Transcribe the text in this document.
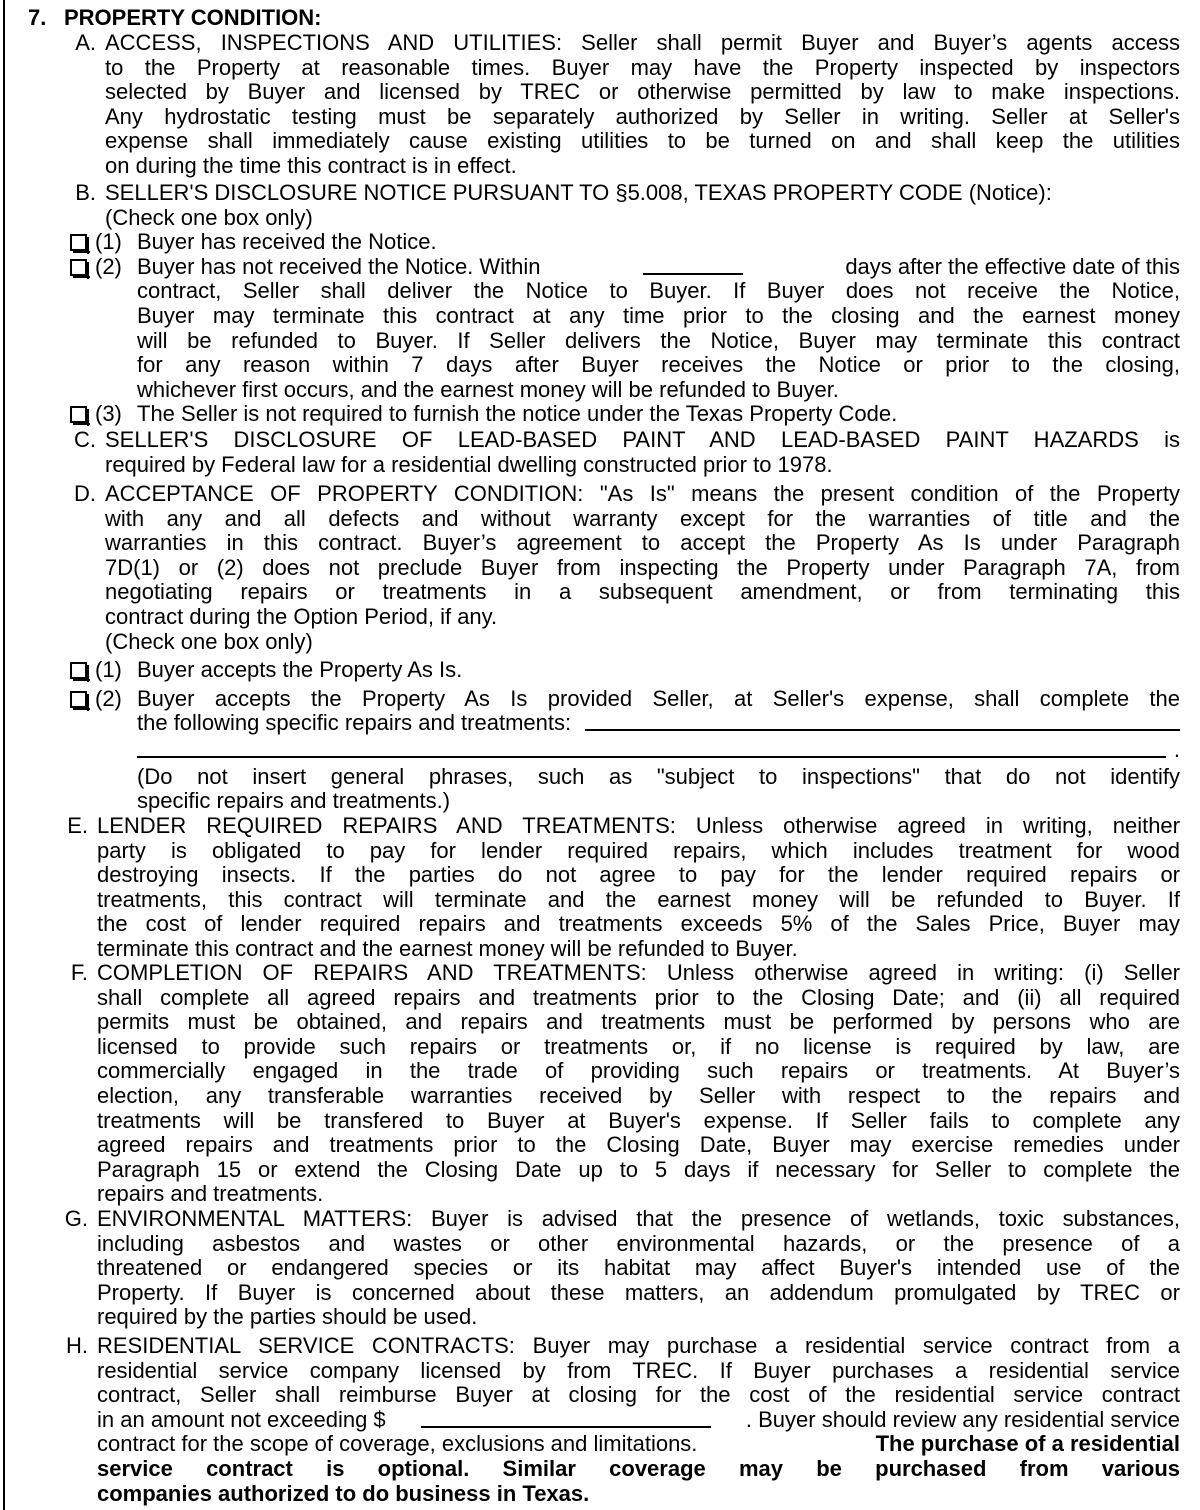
7. PROPERTY CONDITION:
A. ACCESS, INSPECTIONS AND UTILITIES: Seller shall permit Buyer and Buyer’s agents access
to the Property at reasonable times. Buyer may have the Property inspected by inspectors
selected by Buyer and licensed by TREC or otherwise permitted by law to make inspections.
Any hydrostatic testing must be separately authorized by Seller in writing. Seller at Seller's
expense shall immediately cause existing utilities to be turned on and shall keep the utilities
on during the time this contract is in effect.
B. SELLER'S DISCLOSURE NOTICE PURSUANT TO §5.008, TEXAS PROPERTY CODE (Notice):
(Check one box only)
(1) Buyer has received the Notice.
(2) Buyer has not received the Notice. Within	days after the effective date of this
contract, Seller shall deliver the Notice to Buyer. If Buyer does not receive the Notice,
Buyer may terminate this contract at any time prior to the closing and the earnest money
will be refunded to Buyer. If Seller delivers the Notice, Buyer may terminate this contract
for any reason within 7 days after Buyer receives the Notice or prior to the closing,
whichever first occurs, and the earnest money will be refunded to Buyer.
(3) The Seller is not required to furnish the notice under the Texas Property Code.
C. SELLER'S DISCLOSURE OF LEAD-BASED PAINT AND LEAD-BASED PAINT HAZARDS is
required by Federal law for a residential dwelling constructed prior to 1978.
D. ACCEPTANCE OF PROPERTY CONDITION: "As Is" means the present condition of the Property
with any and all defects and without warranty except for the warranties of title and the
warranties in this contract. Buyer’s agreement to accept the Property As Is under Paragraph
7D(1) or (2) does not preclude Buyer from inspecting the Property under Paragraph 7A, from
negotiating repairs or treatments in a subsequent amendment, or from terminating this
contract during the Option Period, if any.
(Check one box only)
(1) Buyer accepts the Property As Is.
(2) Buyer accepts the Property As Is provided Seller, at Seller's expense, shall complete the
the following specific repairs and treatments:
.
(Do not insert general phrases, such as "subject to inspections" that do not identify
specific repairs and treatments.)
E. LENDER REQUIRED REPAIRS AND TREATMENTS: Unless otherwise agreed in writing, neither
party is obligated to pay for lender required repairs, which includes treatment for wood
destroying insects. If the parties do not agree to pay for the lender required repairs or
treatments, this contract will terminate and the earnest money will be refunded to Buyer. If
the cost of lender required repairs and treatments exceeds 5% of the Sales Price, Buyer may
terminate this contract and the earnest money will be refunded to Buyer.
F. COMPLETION OF REPAIRS AND TREATMENTS: Unless otherwise agreed in writing: (i) Seller
shall complete all agreed repairs and treatments prior to the Closing Date; and (ii) all required
permits must be obtained, and repairs and treatments must be performed by persons who are
licensed to provide such repairs or treatments or, if no license is required by law, are
commercially engaged in the trade of providing such repairs or treatments. At Buyer’s
election, any transferable warranties received by Seller with respect to the repairs and
treatments will be transfered to Buyer at Buyer's expense. If Seller fails to complete any
agreed repairs and treatments prior to the Closing Date, Buyer may exercise remedies under
Paragraph 15 or extend the Closing Date up to 5 days if necessary for Seller to complete the
repairs and treatments.
G. ENVIRONMENTAL MATTERS: Buyer is advised that the presence of wetlands, toxic substances,
including asbestos and wastes or other environmental hazards, or the presence of a
threatened or endangered species or its habitat may affect Buyer's intended use of the
Property. If Buyer is concerned about these matters, an addendum promulgated by TREC or
required by the parties should be used.
H. RESIDENTIAL SERVICE CONTRACTS: Buyer may purchase a residential service contract from a
residential service company licensed by from TREC. If Buyer purchases a residential service
contract, Seller shall reimburse Buyer at closing for the cost of the residential service contract
in an amount not exceeding $	. Buyer should review any residential service
contract for the scope of coverage, exclusions and limitations.	The purchase of a residential
service contract is optional. Similar coverage may be purchased from various
companies authorized to do business in Texas.
